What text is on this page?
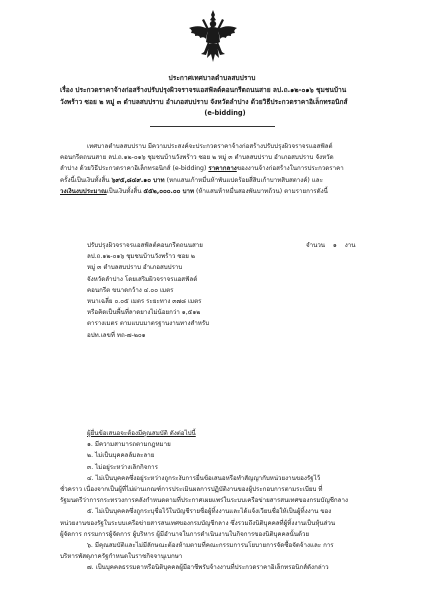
ประกาศเทศบาลตำบลสบปราบ
เรื่อง ประกวดราคาจ้างก่อสร้างปรับปรุงผิวจราจรแอสฟัลต์คอนกรีตถนนสาย ลป.ถ.๑๒-๐๑๖ ชุมชนบ้าน
วังพร้าว ซอย ๒ หมู่ ๓ ตำบลสบปราบ อำเภอสบปราบ จังหวัดลำปาง ด้วยวิธีประกวดราคาอิเล็กทรอนิกส์
(e-bidding)
เทศบาลตำบลสบปราบ มีความประสงค์จะประกวดราคาจ้างก่อสร้างปรับปรุงผิวจราจรแอสฟัลต์
คอนกรีตถนนสาย ลป.ถ.๑๒-๐๑๖ ชุมชนบ้านวังพร้าว ซอย ๒ หมู่ ๓ ตำบลสบปราบ อำเภอสบปราบ จังหวัด
ลำปาง ด้วยวิธีประกวดราคาอิเล็กทรอนิกส์ (e-bidding) ราคากลางของงานจ้างก่อสร้างในการประกวดราคา
ครั้งนี้เป็นเงินทั้งสิ้น ๖๙๕,๘๔๙.๑๐ บาท (หกแสนเก้าหมื่นห้าพันแปดร้อยสี่สิบเก้าบาทสิบสตางค์) และ
วงเงินงบประมาณเป็นเงินทั้งสิ้น ๕๕๒,๐๐๐.๐๐ บาท (ห้าแสนห้าหมื่นสองพันบาทถ้วน) ตามรายการดังนี้
ปรับปรุงผิวจราจรแอสฟัลต์คอนกรีตถนนสาย
ลป.ถ.๑๒-๐๑๖ ชุมชนบ้านวังพร้าว ซอย ๒
หมู่ ๓ ตำบลสบปราบ อำเภอสบปราบ
จังหวัดลำปาง โดยเสริมผิวจราจรแอสฟัลต์
คอนกรีต ขนาดกว้าง ๔.๐๐ เมตร
หนาเฉลี่ย ๐.๐๕ เมตร ระยะทาง ๓๗๘ เมตร
หรือคิดเป็นพื้นที่ลาดยางไม่น้อยกว่า ๑,๕๑๒
ตารางเมตร ตามแบบมาตรฐานงานทางสำหรับ
อปท.เลขที่ ทถ-๗-๒๐๑
จำนวน ๑ งาน
ผู้ยื่นข้อเสนอจะต้องมีคุณสมบัติ ดังต่อไปนี้
๑. มีความสามารถตามกฎหมาย
๒. ไม่เป็นบุคคลล้มละลาย
๓. ไม่อยู่ระหว่างเลิกกิจการ
๔. ไม่เป็นบุคคลซึ่งอยู่ระหว่างถูกระงับการยื่นข้อเสนอหรือทำสัญญากับหน่วยงานของรัฐไว้
ชั่วคราว เนื่องจากเป็นผู้ที่ไม่ผ่านเกณฑ์การประเมินผลการปฏิบัติงานของผู้ประกอบการตามระเบียบ ที่
รัฐมนตรีว่าการกระทรวงการคลังกำหนดตามที่ประกาศเผยแพร่ในระบบเครือข่ายสารสนเทศของกรมบัญชีกลาง
๕. ไม่เป็นบุคคลซึ่งถูกระบุชื่อไว้ในบัญชีรายชื่อผู้ทิ้งงานและได้แจ้งเวียนชื่อให้เป็นผู้ทิ้งงาน ของ
หน่วยงานของรัฐในระบบเครือข่ายสารสนเทศของกรมบัญชีกลาง ซึ่งรวมถึงนิติบุคคลที่ผู้ทิ้งงานเป็นหุ้นส่วน
ผู้จัดการ กรรมการผู้จัดการ ผู้บริหาร ผู้มีอำนาจในการดำเนินงานในกิจการของนิติบุคคลนั้นด้วย
๖. มีคุณสมบัติและไม่มีลักษณะต้องห้ามตามที่คณะกรรมการนโยบายการจัดซื้อจัดจ้างและ การ
บริหารพัสดุภาครัฐกำหนดในราชกิจจานุเบกษา
๗. เป็นบุคคลธรรมดาหรือนิติบุคคลผู้มีอาชีพรับจ้างงานที่ประกวดราคาอิเล็กทรอนิกส์ดังกล่าว
